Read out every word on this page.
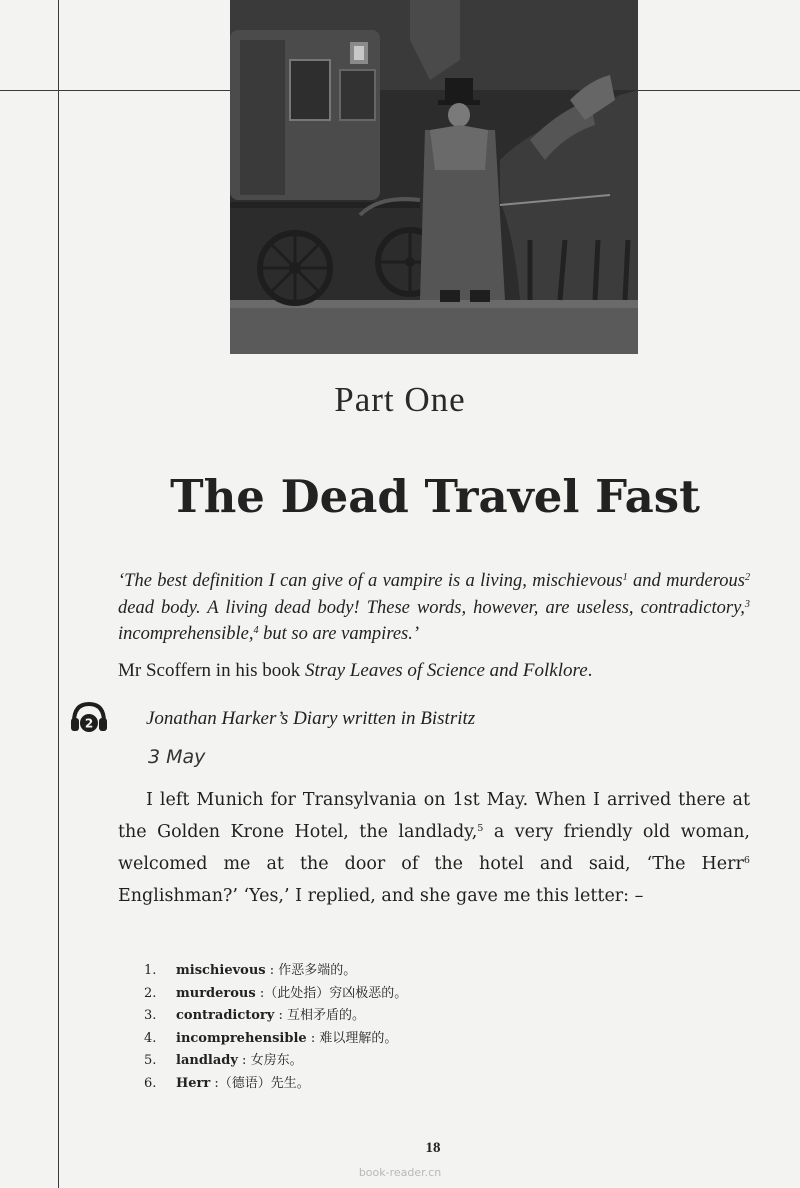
Part One
The Dead Travel Fast
‘The best definition I can give of a vampire is a living, mischievous$^1$ and murderous$^2$ dead body. A living dead body! These words, however, are useless, contradictory,$^3$ incomprehensible,$^4$ but so are vampires.’
Mr Scoffern in his book Stray Leaves of Science and Folklore.
2	Jonathan Harker’s Diary written in Bistritz
3 May
I left Munich for Transylvania on 1st May. When I arrived there at the Golden Krone Hotel, the landlady,$^5$ a very friendly old woman, welcomed me at the door of the hotel and said, ‘The Herr$^6$ Englishman?’ ‘Yes,’ I replied, and she gave me this letter: –
1. mischievous : 作恶多端的。
2. murderous :（此处指）穷凶极恶的。
3. contradictory : 互相矛盾的。
4. incomprehensible : 难以理解的。
5. landlady : 女房东。
6. Herr :（德语）先生。
18
book-reader.cn
